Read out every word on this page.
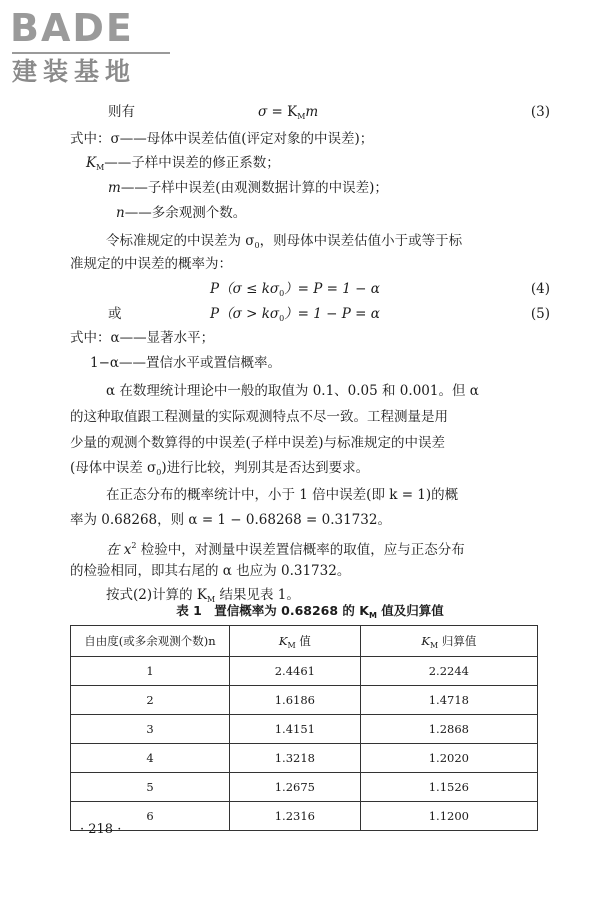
BADE
建装基地
则有	$\sigma = K_Mm$	(3)
式中：σ——母体中误差估值(评定对象的中误差)；
$K_M——$子样中误差的修正系数；
m——子样中误差(由观测数据计算的中误差)；
n——多余观测个数。
令标准规定的中误差为 $\sigma_0$，则母体中误差估值小于或等于标
准规定的中误差的概率为：
$P(\sigma \le k\sigma_0)= P = 1 - \alpha$	(4)
或	$P(\sigma > k\sigma_0)= 1 - P = \alpha$	(5)
式中：α——显著水平；
1−α——置信水平或置信概率。
α 在数理统计理论中一般的取值为 0.1、0.05 和 0.001。但 α
的这种取值跟工程测量的实际观测特点不尽一致。工程测量是用
少量的观测个数算得的中误差(子样中误差)与标准规定的中误差
(母体中误差 $\sigma_0$)进行比较，判别其是否达到要求。
在正态分布的概率统计中，小于 1 倍中误差(即 k = 1)的概
率为 0.68268，则 α = 1 − 0.68268 = 0.31732。
在 $x^2$ 检验中，对测量中误差置信概率的取值，应与正态分布
的检验相同，即其右尾的 α 也应为 0.31732。
按式(2)计算的 $K_M$ 结果见表 1。
表 1　置信概率为 0.68268 的 $K_M$ 值及归算值
自由度(或多余观测个数)n	$K_M$ 值	$K_M$ 归算值
1	2.4461	2.2244
2	1.6186	1.4718
3	1.4151	1.2868
4	1.3218	1.2020
5	1.2675	1.1526
6	1.2316	1.1200
· 218 ·
